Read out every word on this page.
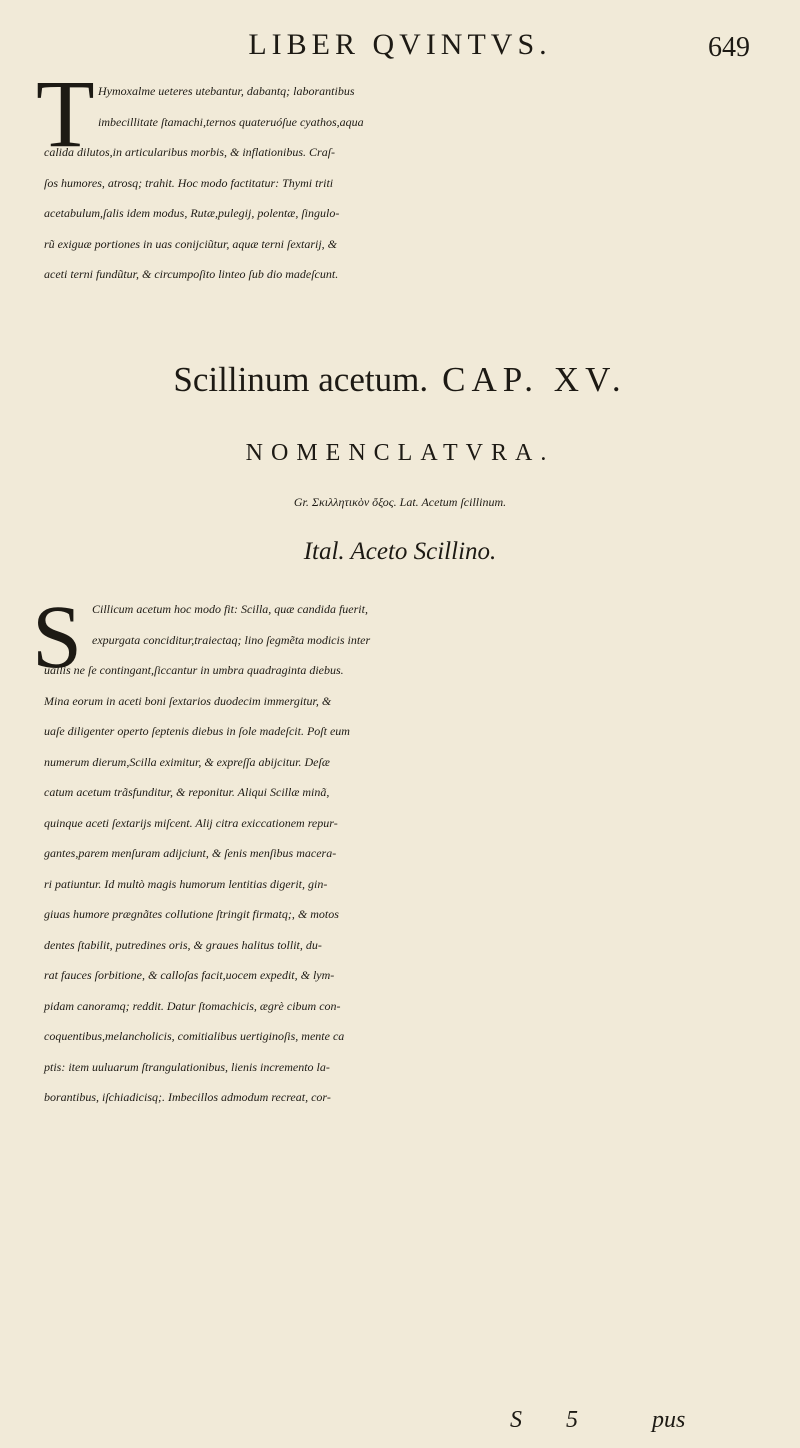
LIBER QVINTVS.	649
T Hymoxalme ueteres utebantur, dabantq; laborantibus
imbecillitate ſtamachi,ternos quateruóſue cyathos,aqua
calida dilutos,in articularibus morbis, & inflationibus. Craſ-
ſos humores, atrosq; trahit. Hoc modo factitatur: Thymi triti
acetabulum,ſalis idem modus, Rutæ,pulegij, polentæ, ſingulo-
rũ exiguæ portiones in uas conijciũtur, aquæ terni ſextarij, &
aceti terni fundũtur, & circumpoſito linteo ſub dio madeſcunt.
Scillinum acetum. CAP. XV.
NOMENCLATVRA.
Gr. Σκιλλητικὸν ὄξος. Lat. Acetum ſcillinum.
Ital. Aceto Scillino.
S Cillicum acetum hoc modo fit: Scilla, quæ candida fuerit,
expurgata conciditur,traiectaq; lino ſegmẽta modicis inter
uallis ne ſe contingant,ſiccantur in umbra quadraginta diebus.
Mina eorum in aceti boni ſextarios duodecim immergitur, &
uaſe diligenter operto ſeptenis diebus in ſole madeſcit. Poſt eum
numerum dierum,Scilla eximitur, & expreſſa abijcitur. Deſæ
catum acetum trãsfunditur, & reponitur. Aliqui Scillæ minã,
quinque aceti ſextarijs miſcent. Alij citra exiccationem repur-
gantes,parem menſuram adijciunt, & ſenis menſibus macera-
ri patiuntur. Id multò magis humorum lentitias digerit, gin-
giuas humore prægnãtes collutione ſtringit firmatq;, & motos
dentes ſtabilit, putredines oris, & graues halitus tollit, du-
rat fauces ſorbitione, & calloſas facit,uocem expedit, & lym-
pidam canoramq; reddit. Datur ſtomachicis, ægrè cibum con-
coquentibus,melancholicis, comitialibus uertiginoſis, mente ca
ptis: item uuluarum ſtrangulationibus, lienis incremento la-
borantibus, iſchiadicisq;. Imbecillos admodum recreat, cor-
S 5	pus
